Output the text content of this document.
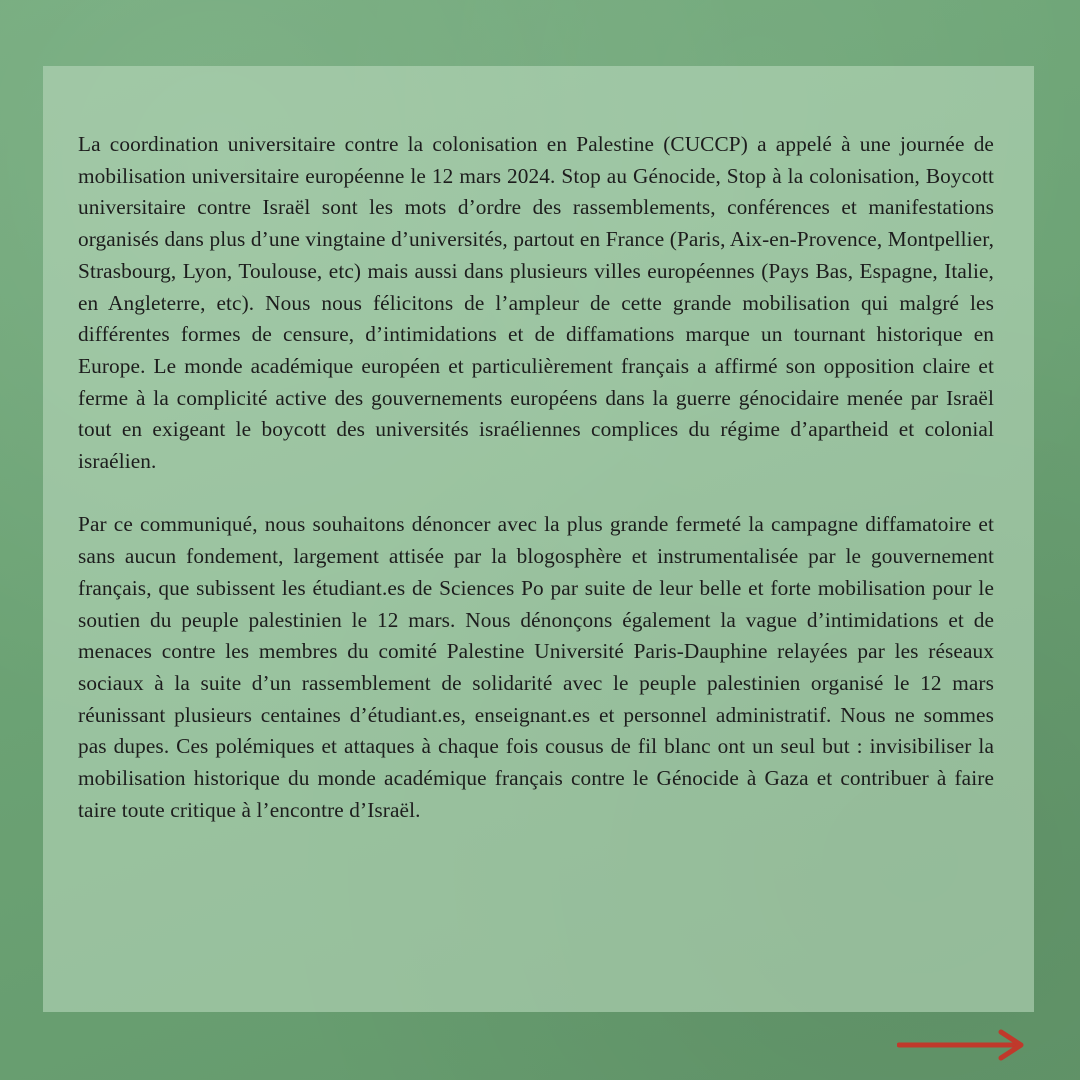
La coordination universitaire contre la colonisation en Palestine (CUCCP) a appelé à une journée de mobilisation universitaire européenne le 12 mars 2024. Stop au Génocide, Stop à la colonisation, Boycott universitaire contre Israël sont les mots d’ordre des rassemblements, conférences et manifestations organisés dans plus d’une vingtaine d’universités, partout en France (Paris, Aix-en-Provence, Montpellier, Strasbourg, Lyon, Toulouse, etc) mais aussi dans plusieurs villes européennes (Pays Bas, Espagne, Italie, en Angleterre, etc). Nous nous félicitons de l’ampleur de cette grande mobilisation qui malgré les différentes formes de censure, d’intimidations et de diffamations marque un tournant historique en Europe. Le monde académique européen et particulièrement français a affirmé son opposition claire et ferme à la complicité active des gouvernements européens dans la guerre génocidaire menée par Israël tout en exigeant le boycott des universités israéliennes complices du régime d’apartheid et colonial israélien.

Par ce communiqué, nous souhaitons dénoncer avec la plus grande fermeté la campagne diffamatoire et sans aucun fondement, largement attisée par la blogosphère et instrumentalisée par le gouvernement français, que subissent les étudiant.es de Sciences Po par suite de leur belle et forte mobilisation pour le soutien du peuple palestinien le 12 mars. Nous dénonçons également la vague d’intimidations et de menaces contre les membres du comité Palestine Université Paris-Dauphine relayées par les réseaux sociaux à la suite d’un rassemblement de solidarité avec le peuple palestinien organisé le 12 mars réunissant plusieurs centaines d’étudiant.es, enseignant.es et personnel administratif. Nous ne sommes pas dupes. Ces polémiques et attaques à chaque fois cousus de fil blanc ont un seul but : invisibiliser la mobilisation historique du monde académique français contre le Génocide à Gaza et contribuer à faire taire toute critique à l’encontre d’Israël.
